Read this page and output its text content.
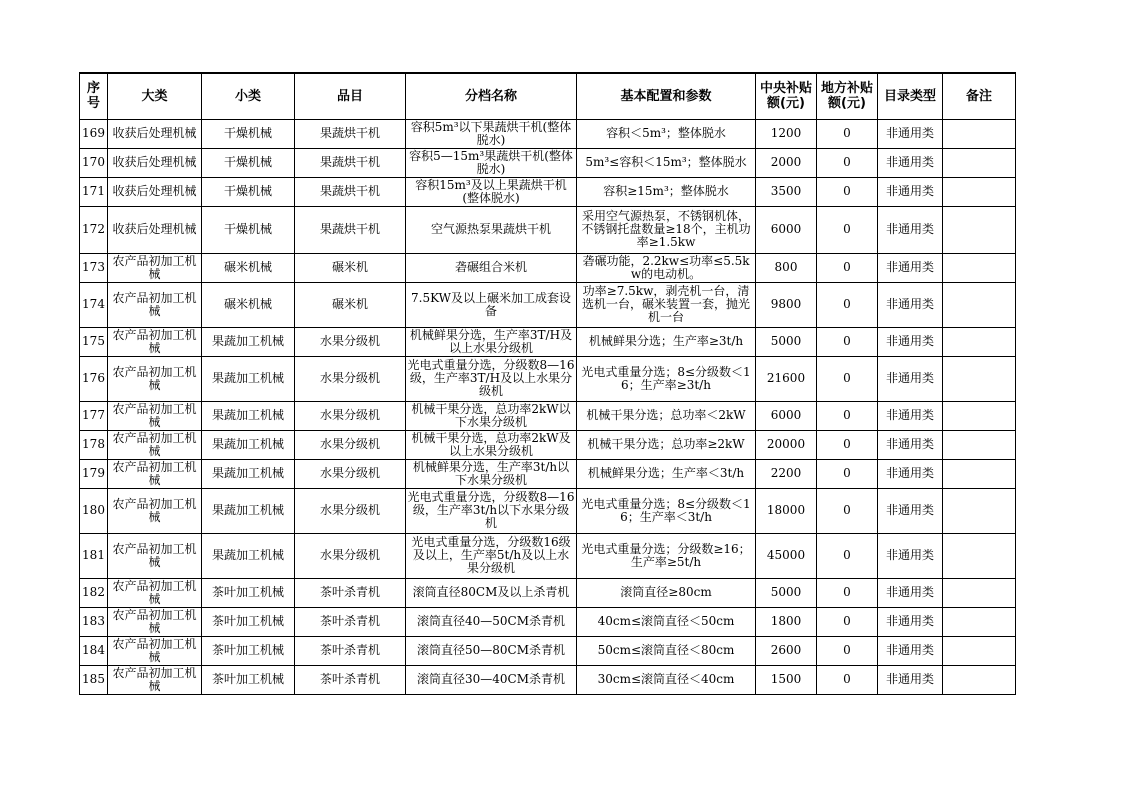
序号	大类	小类	品目	分档名称	基本配置和参数	中央补贴额(元)	地方补贴额(元)	目录类型	备注
169	收获后处理机械	干燥机械	果蔬烘干机	容积5m³以下果蔬烘干机(整体脱水)	容积＜5m³；整体脱水	1200	0	非通用类	
170	收获后处理机械	干燥机械	果蔬烘干机	容积5—15m³果蔬烘干机(整体脱水)	5m³≤容积＜15m³；整体脱水	2000	0	非通用类	
171	收获后处理机械	干燥机械	果蔬烘干机	容积15m³及以上果蔬烘干机(整体脱水)	容积≥15m³；整体脱水	3500	0	非通用类	
172	收获后处理机械	干燥机械	果蔬烘干机	空气源热泵果蔬烘干机	采用空气源热泵，不锈钢机体，不锈钢托盘数量≥18个，主机功率≥1.5kw	6000	0	非通用类	
173	农产品初加工机械	碾米机械	碾米机	砻碾组合米机	砻碾功能，2.2kw≤功率≤5.5kw的电动机。	800	0	非通用类	
174	农产品初加工机械	碾米机械	碾米机	7.5KW及以上碾米加工成套设备	功率≥7.5kw，剥壳机一台，清选机一台，碾米装置一套，抛光机一台	9800	0	非通用类	
175	农产品初加工机械	果蔬加工机械	水果分级机	机械鲜果分选，生产率3T/H及以上水果分级机	机械鲜果分选；生产率≥3t/h	5000	0	非通用类	
176	农产品初加工机械	果蔬加工机械	水果分级机	光电式重量分选，分级数8—16级，生产率3T/H及以上水果分级机	光电式重量分选；8≤分级数＜16；生产率≥3t/h	21600	0	非通用类	
177	农产品初加工机械	果蔬加工机械	水果分级机	机械干果分选，总功率2kW以下水果分级机	机械干果分选；总功率＜2kW	6000	0	非通用类	
178	农产品初加工机械	果蔬加工机械	水果分级机	机械干果分选，总功率2kW及以上水果分级机	机械干果分选；总功率≥2kW	20000	0	非通用类	
179	农产品初加工机械	果蔬加工机械	水果分级机	机械鲜果分选，生产率3t/h以下水果分级机	机械鲜果分选；生产率＜3t/h	2200	0	非通用类	
180	农产品初加工机械	果蔬加工机械	水果分级机	光电式重量分选，分级数8—16级，生产率3t/h以下水果分级机	光电式重量分选；8≤分级数＜16；生产率＜3t/h	18000	0	非通用类	
181	农产品初加工机械	果蔬加工机械	水果分级机	光电式重量分选，分级数16级及以上，生产率5t/h及以上水果分级机	光电式重量分选；分级数≥16；生产率≥5t/h	45000	0	非通用类	
182	农产品初加工机械	茶叶加工机械	茶叶杀青机	滚筒直径80CM及以上杀青机	滚筒直径≥80cm	5000	0	非通用类	
183	农产品初加工机械	茶叶加工机械	茶叶杀青机	滚筒直径40—50CM杀青机	40cm≤滚筒直径＜50cm	1800	0	非通用类	
184	农产品初加工机械	茶叶加工机械	茶叶杀青机	滚筒直径50—80CM杀青机	50cm≤滚筒直径＜80cm	2600	0	非通用类	
185	农产品初加工机械	茶叶加工机械	茶叶杀青机	滚筒直径30—40CM杀青机	30cm≤滚筒直径＜40cm	1500	0	非通用类	
